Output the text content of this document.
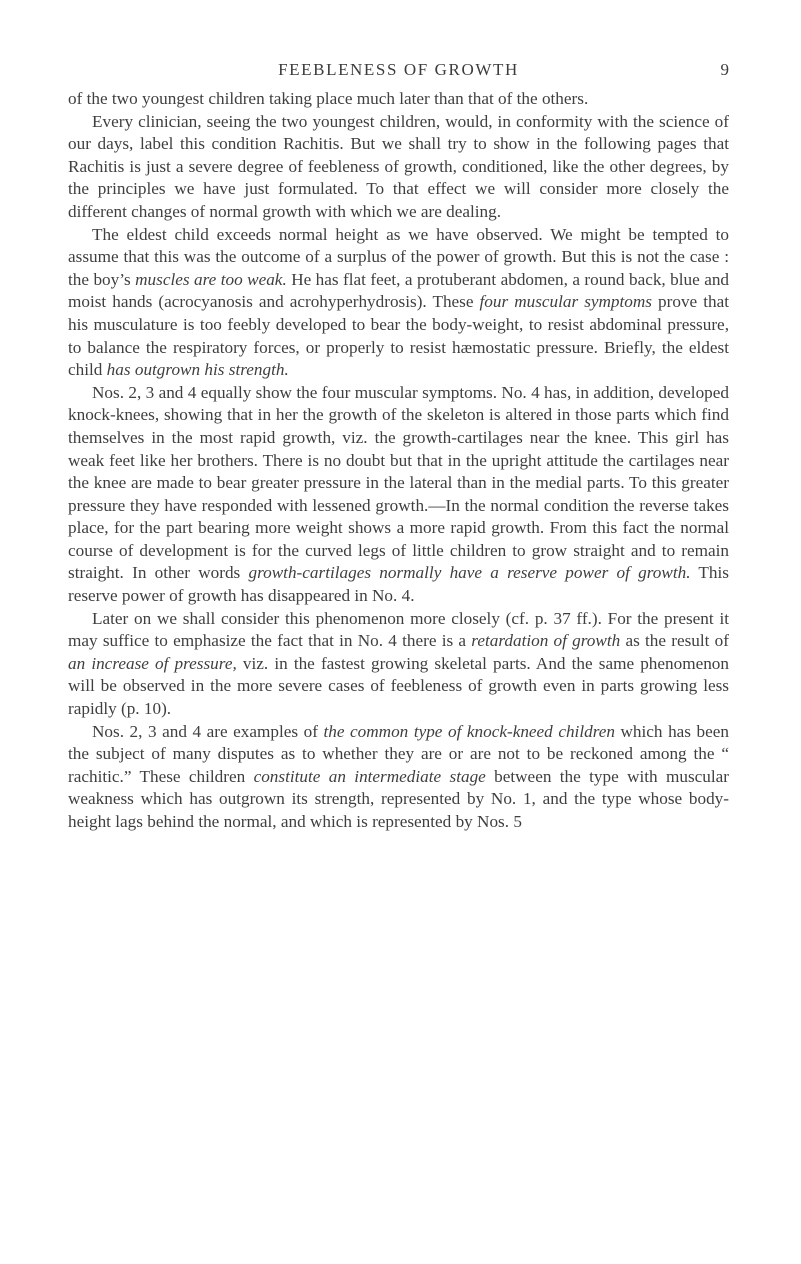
FEEBLENESS OF GROWTH	9

of the two youngest children taking place much later than that of the others.

Every clinician, seeing the two youngest children, would, in conformity with the science of our days, label this condition Rachitis. But we shall try to show in the following pages that Rachitis is just a severe degree of feebleness of growth, conditioned, like the other degrees, by the principles we have just formulated. To that effect we will consider more closely the different changes of normal growth with which we are dealing.

The eldest child exceeds normal height as we have observed. We might be tempted to assume that this was the outcome of a surplus of the power of growth. But this is not the case : the boy’s muscles are too weak. He has flat feet, a protuberant abdomen, a round back, blue and moist hands (acrocyanosis and acrohyperhydrosis). These four muscular symptoms prove that his musculature is too feebly developed to bear the body-weight, to resist abdominal pressure, to balance the respiratory forces, or properly to resist hæmostatic pressure. Briefly, the eldest child has outgrown his strength.

Nos. 2, 3 and 4 equally show the four muscular symptoms. No. 4 has, in addition, developed knock-knees, showing that in her the growth of the skeleton is altered in those parts which find themselves in the most rapid growth, viz. the growth-cartilages near the knee. This girl has weak feet like her brothers. There is no doubt but that in the upright attitude the cartilages near the knee are made to bear greater pressure in the lateral than in the medial parts. To this greater pressure they have responded with lessened growth.—In the normal condition the reverse takes place, for the part bearing more weight shows a more rapid growth. From this fact the normal course of development is for the curved legs of little children to grow straight and to remain straight. In other words growth-cartilages normally have a reserve power of growth. This reserve power of growth has disappeared in No. 4.

Later on we shall consider this phenomenon more closely (cf. p. 37 ff.). For the present it may suffice to emphasize the fact that in No. 4 there is a retardation of growth as the result of an increase of pressure, viz. in the fastest growing skeletal parts. And the same phenomenon will be observed in the more severe cases of feebleness of growth even in parts growing less rapidly (p. 10).

Nos. 2, 3 and 4 are examples of the common type of knock-kneed children which has been the subject of many disputes as to whether they are or are not to be reckoned among the “ rachitic.” These children constitute an intermediate stage between the type with muscular weakness which has outgrown its strength, represented by No. 1, and the type whose body-height lags behind the normal, and which is represented by Nos. 5
